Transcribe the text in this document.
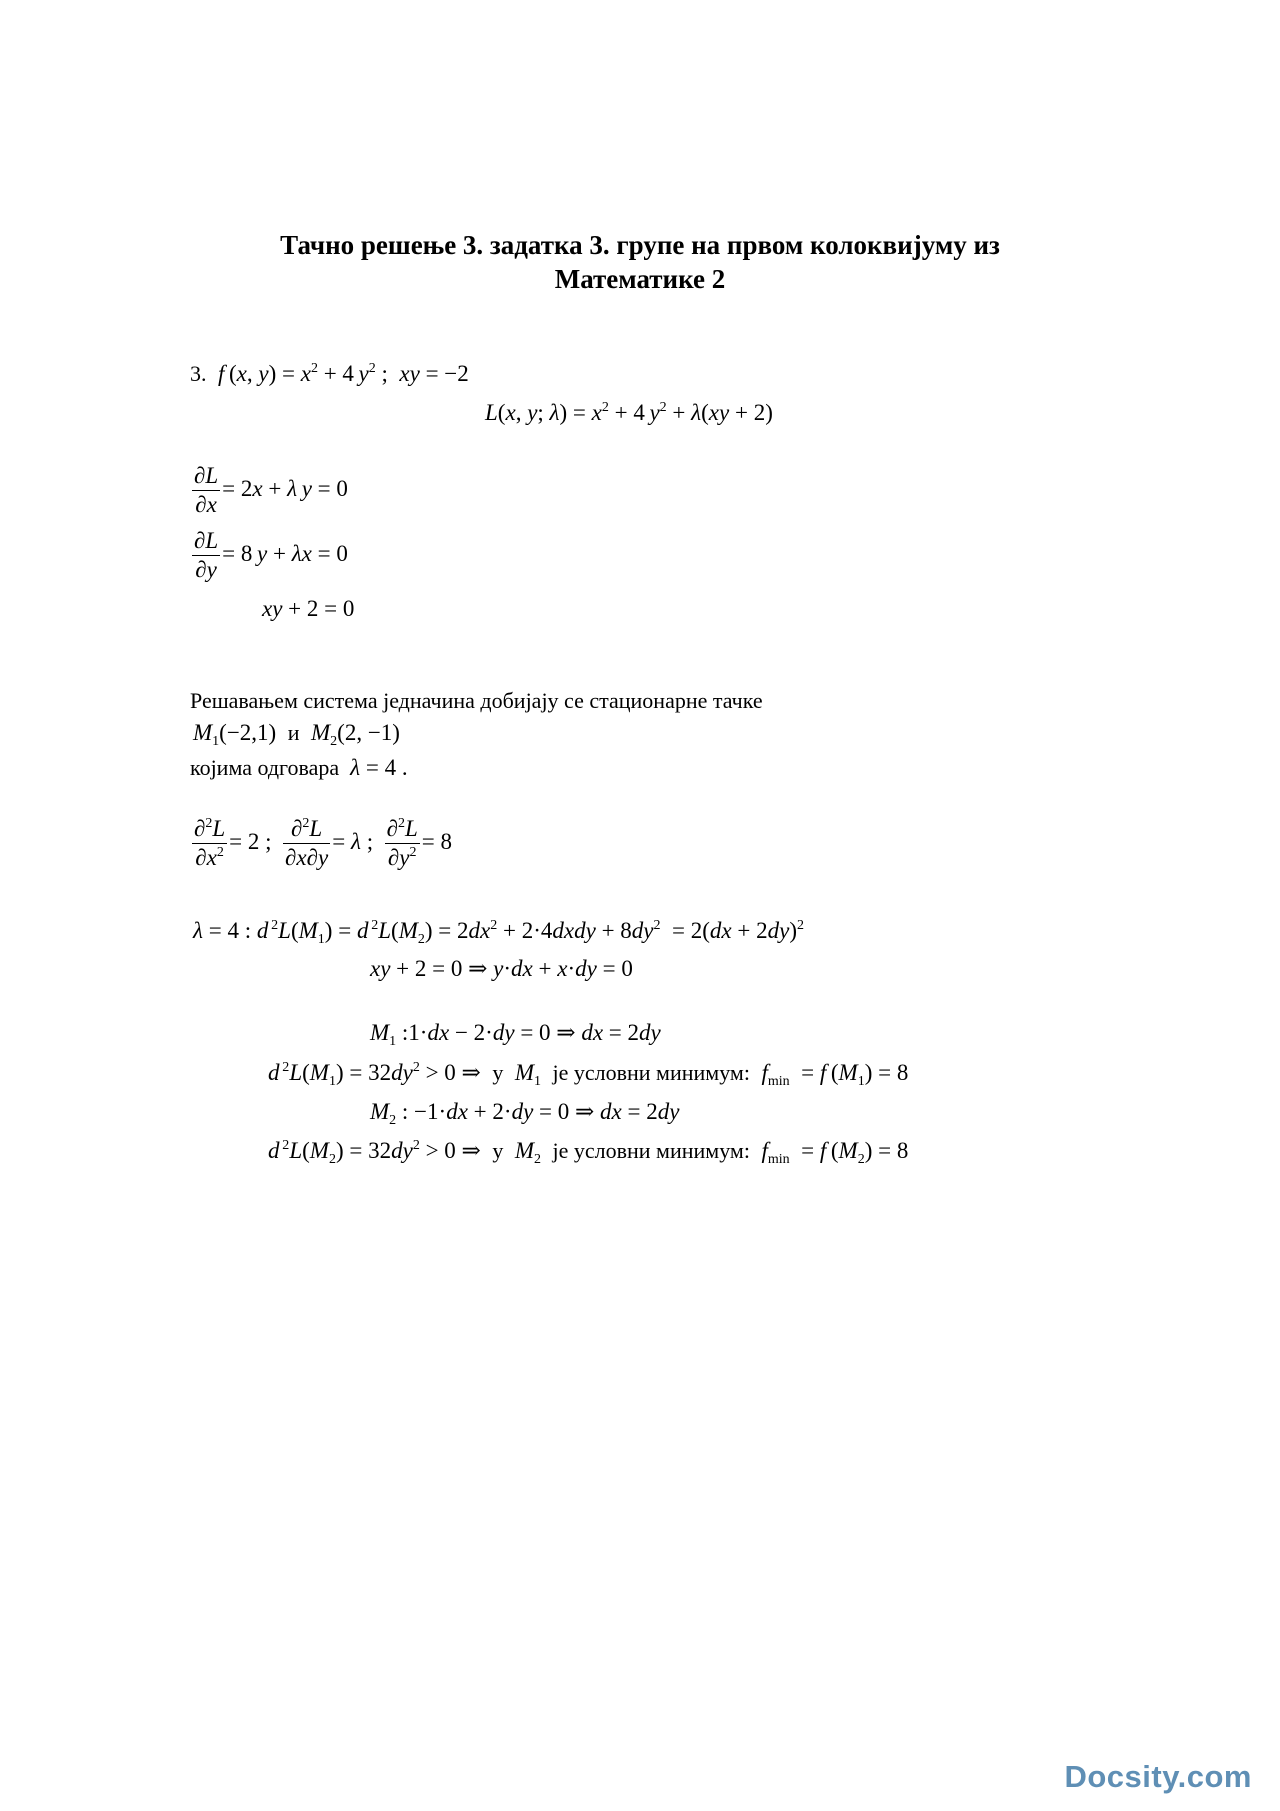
Тачно решење 3. задатка 3. групе на првом колоквијуму из
Математике 2
3. f (x, $y) = x^2 + 4$ $y^2$ ;  xy = −2
L(x, y; $\lambda) = x^2 + 4$ $y^2 + \lambda(xy + 2)$
$\frac{\partial L}{\partial x} = 2x + \lambda$  y = 0
$\frac{\partial L}{\partial y} = 8$ y + λx = 0
xy + 2 = 0
Решавањем система једначина добијају се стационарне тачке
$M_1(-2,1)$  и $M_2(2$, −1)
којима одговара λ = 4 .
$\frac{\partial^2L}{\partial x^2} = 2$ ; $\frac{\partial^2L}{\partial x\partial y} = \lambda$ ; $\frac{\partial^2L}{\partial y^2} = 8$
λ = 4 : d $^2L(M_1) = d$ $^2L(M_2) = 2dx^2$ + 2·4dxdy + $8dy^2 = 2(dx + 2dy)^2$
xy + 2 = 0 ⇒ y·dx + x·dy = 0
$M_1$ :1·dx − 2·dy = 0 ⇒ dx = 2dy
d $^2L(M_1) = 32dy^2 > 0$ ⇒  у $M_1$ је условни минимум: $f_{min} = f$ $(M_1) = 8$
$M_2$ : −1·dx + 2·dy = 0 ⇒ dx = 2dy
d $^2L(M_2) = 32dy^2 > 0$ ⇒  у $M_2$ је условни минимум: $f_{min} = f$ $(M_2) = 8$
Docsity.com
